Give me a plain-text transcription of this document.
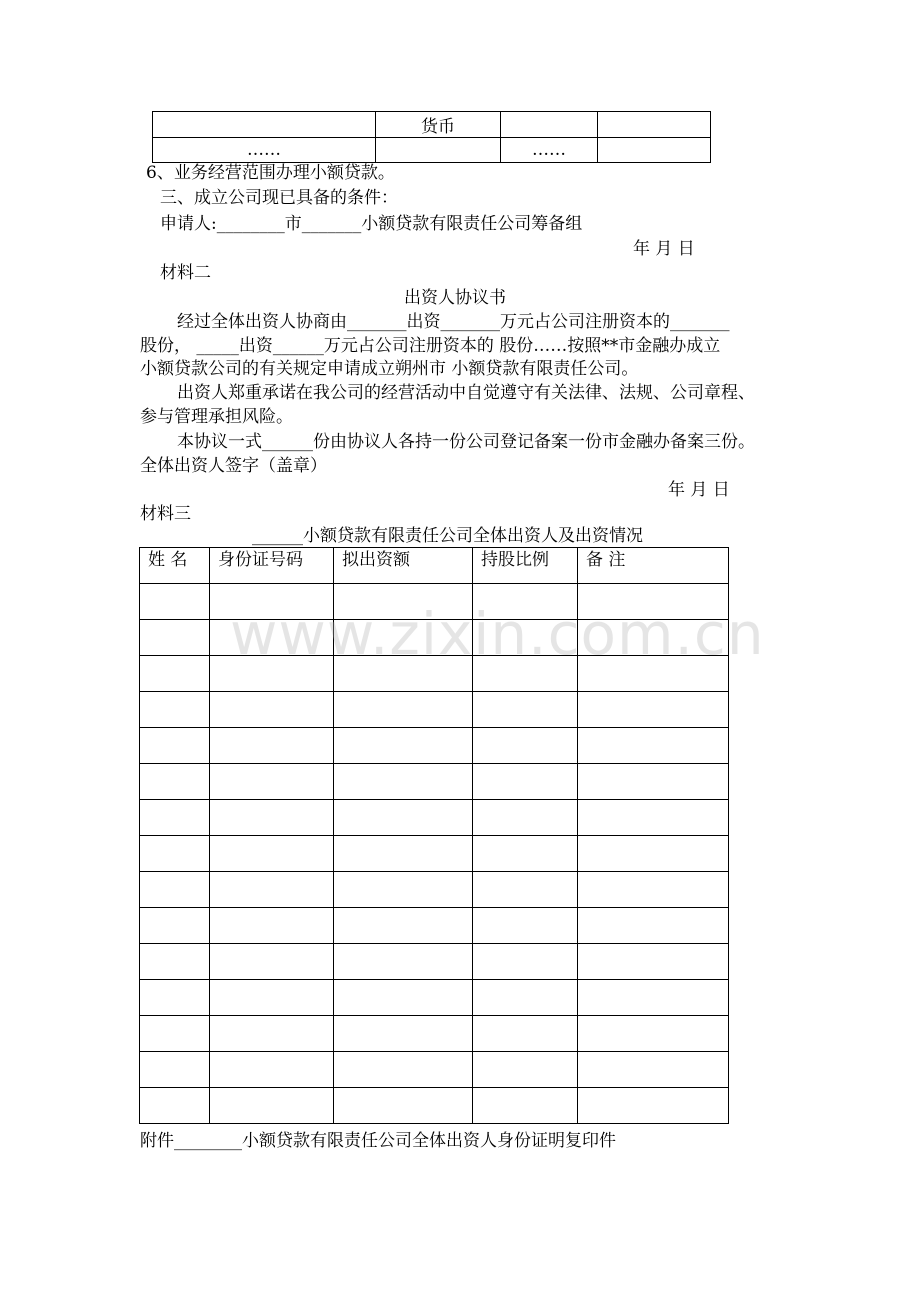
	货币		
……		……	
6、业务经营范围办理小额贷款。
三、成立公司现已具备的条件：
申请人:________市_______小额贷款有限责任公司筹备组
年 月 日
材料二
出资人协议书
经过全体出资人协商由_______出资_______万元占公司注册资本的_______
股份， _____出资______万元占公司注册资本的 股份……按照**市金融办成立
小额贷款公司的有关规定申请成立朔州市 小额贷款有限责任公司。
出资人郑重承诺在我公司的经营活动中自觉遵守有关法律、法规、公司章程、
参与管理承担风险。
本协议一式______份由协议人各持一份公司登记备案一份市金融办备案三份。
全体出资人签字（盖章）
年 月 日
材料三
______小额贷款有限责任公司全体出资人及出资情况
姓 名	身份证号码	拟出资额	持股比例	备 注

附件________小额贷款有限责任公司全体出资人身份证明复印件
www.zixin.com.cn
